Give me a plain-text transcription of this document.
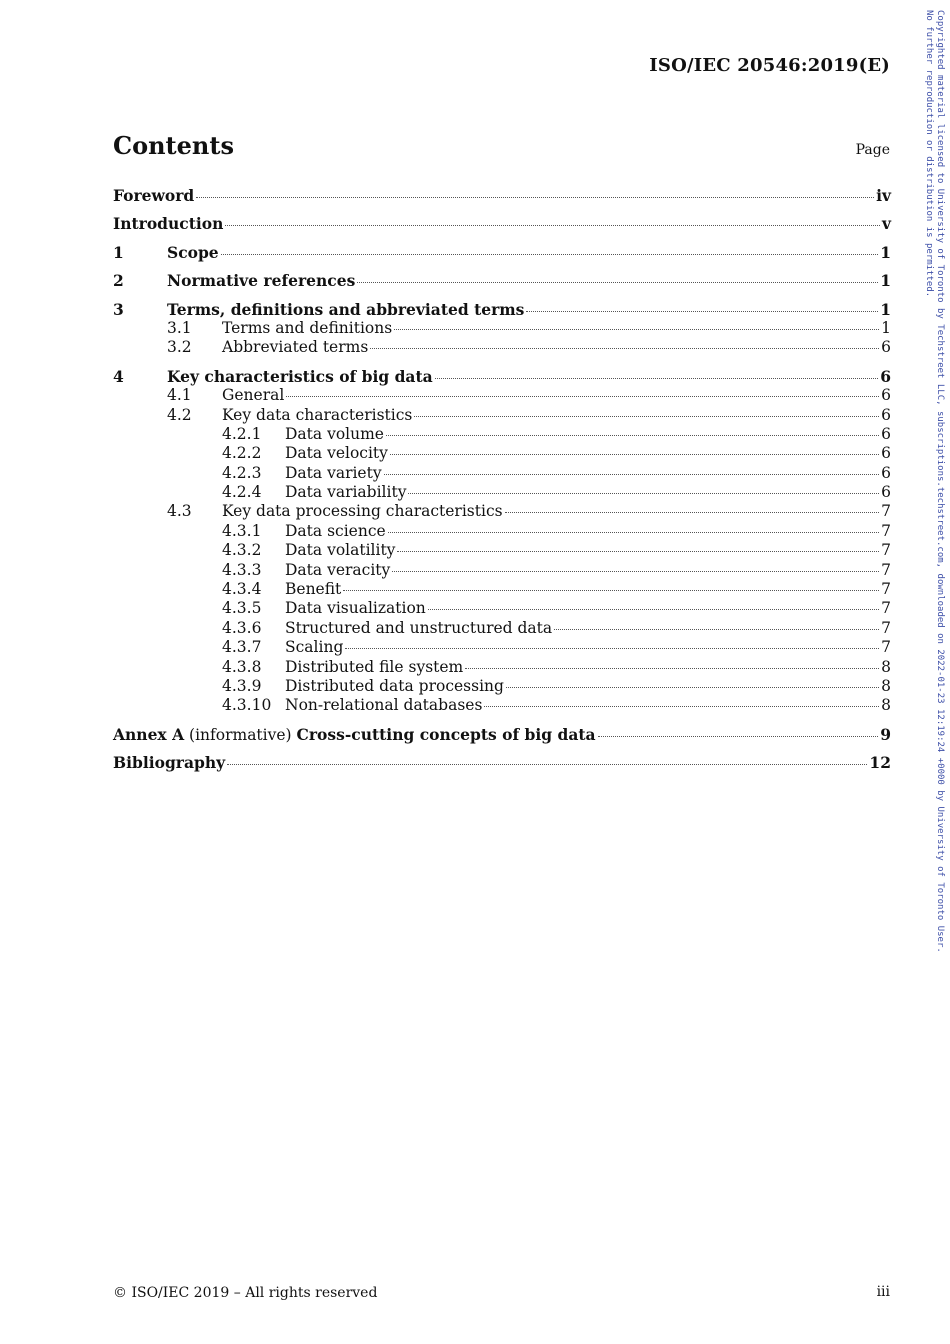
ISO/IEC 20546:2019(E)
Contents	Page
Foreword	iv
Introduction	v
1	Scope	1
2	Normative references	1
3	Terms, definitions and abbreviated terms	1
3.1	Terms and definitions	1
3.2	Abbreviated terms	6
4	Key characteristics of big data	6
4.1	General	6
4.2	Key data characteristics	6
4.2.1	Data volume	6
4.2.2	Data velocity	6
4.2.3	Data variety	6
4.2.4	Data variability	6
4.3	Key data processing characteristics	7
4.3.1	Data science	7
4.3.2	Data volatility	7
4.3.3	Data veracity	7
4.3.4	Benefit	7
4.3.5	Data visualization	7
4.3.6	Structured and unstructured data	7
4.3.7	Scaling	7
4.3.8	Distributed file system	8
4.3.9	Distributed data processing	8
4.3.10 Non-relational databases	8
Annex A (informative) Cross-cutting concepts of big data	9
Bibliography	12
© ISO/IEC 2019 – All rights reserved	iii
Copyrighted material licensed to University of Toronto by Techstreet LLC, subscriptions.techstreet.com, downloaded on 2022-01-23 12:19:24 +0000 by University of Toronto User.
No further reproduction or distribution is permitted.
